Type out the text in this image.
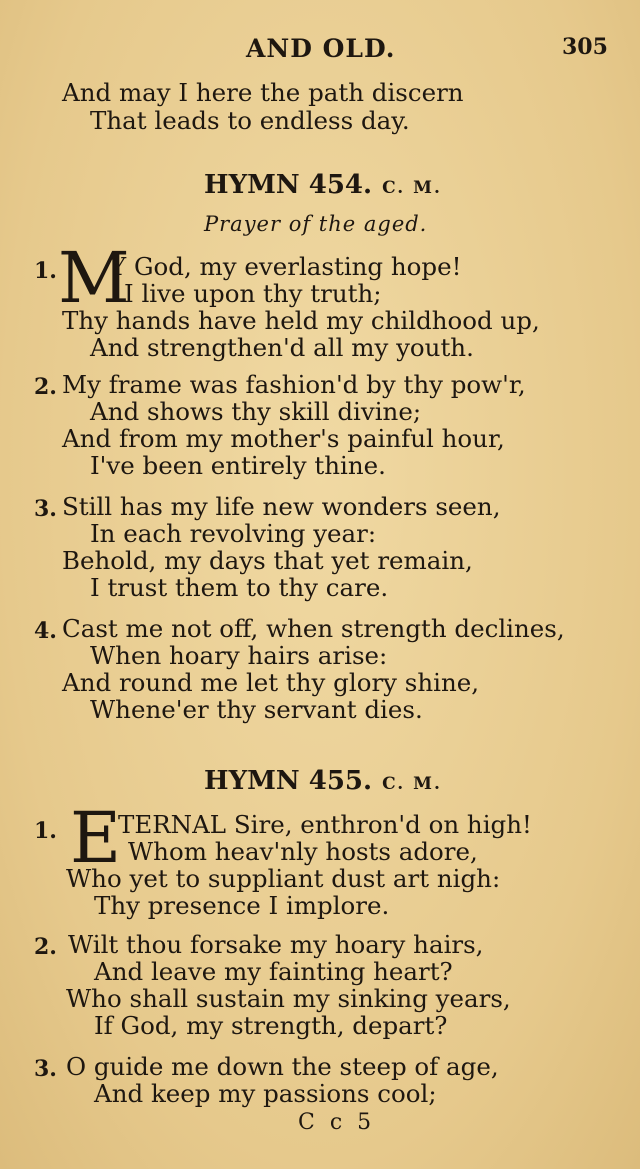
AND OLD.	305
And may I here the path discern
That leads to endless day.
HYMN 454. C. M.
Prayer of the aged.
1. M
Y God, my everlasting hope!
I live upon thy truth;
Thy hands have held my childhood up,
And strengthen'd all my youth.
2. My frame was fashion'd by thy pow'r,
And shows thy skill divine;
And from my mother's painful hour,
I've been entirely thine.
3. Still has my life new wonders seen,
In each revolving year:
Behold, my days that yet remain,
I trust them to thy care.
4. Cast me not off, when strength declines,
When hoary hairs arise:
And round me let thy glory shine,
Whene'er thy servant dies.
HYMN 455. C. M.
1. E
TERNAL Sire, enthron'd on high!
Whom heav'nly hosts adore,
Who yet to suppliant dust art nigh:
Thy presence I implore.
2. Wilt thou forsake my hoary hairs,
And leave my fainting heart?
Who shall sustain my sinking years,
If God, my strength, depart?
3. O guide me down the steep of age,
And keep my passions cool;
C c 5
